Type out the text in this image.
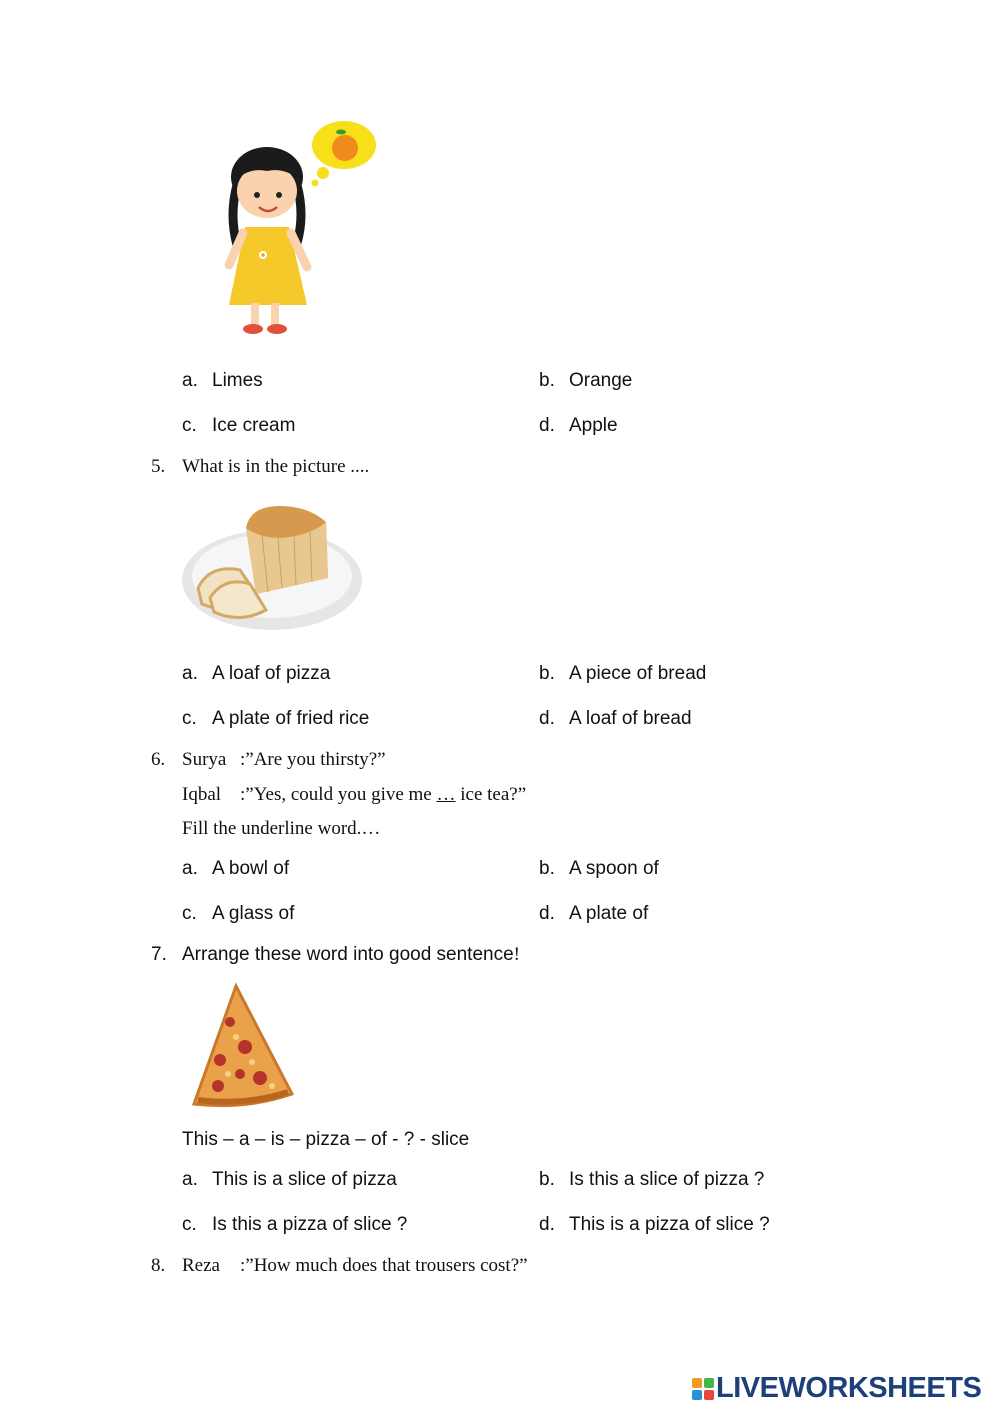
a. Limes	b. Orange
c. Ice cream	d. Apple
5. What is in the picture ....
a. A loaf of pizza	b. A piece of bread
c. A plate of fried rice	d. A loaf of bread
6. Surya :”Are you thirsty?”
Iqbal :”Yes, could you give me … ice tea?”
Fill the underline word.…
a. A bowl of	b. A spoon of
c. A glass of	d. A plate of
7. Arrange these word into good sentence!
This – a – is – pizza – of - ? - slice
a. This is a slice of pizza	b. Is this a slice of pizza ?
c. Is this a pizza of slice ?	d. This is a pizza of slice ?
8. Reza :”How much does that trousers cost?”
LIVEWORKSHEETS
